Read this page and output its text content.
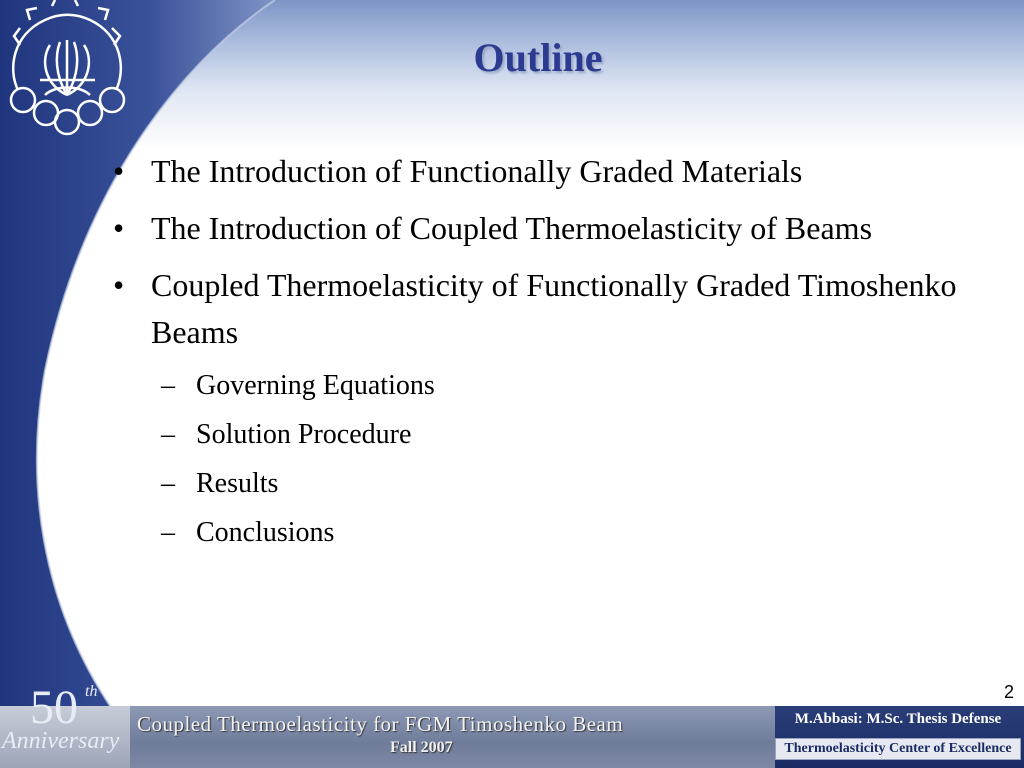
Outline
• The Introduction of Functionally Graded Materials
• The Introduction of Coupled Thermoelasticity of Beams
• Coupled Thermoelasticity of Functionally Graded Timoshenko Beams
– Governing Equations
– Solution Procedure
– Results
– Conclusions
2
Coupled Thermoelasticity for FGM Timoshenko Beam
Fall 2007
M.Abbasi: M.Sc. Thesis Defense
Thermoelasticity Center of Excellence
50 th
Anniversary
